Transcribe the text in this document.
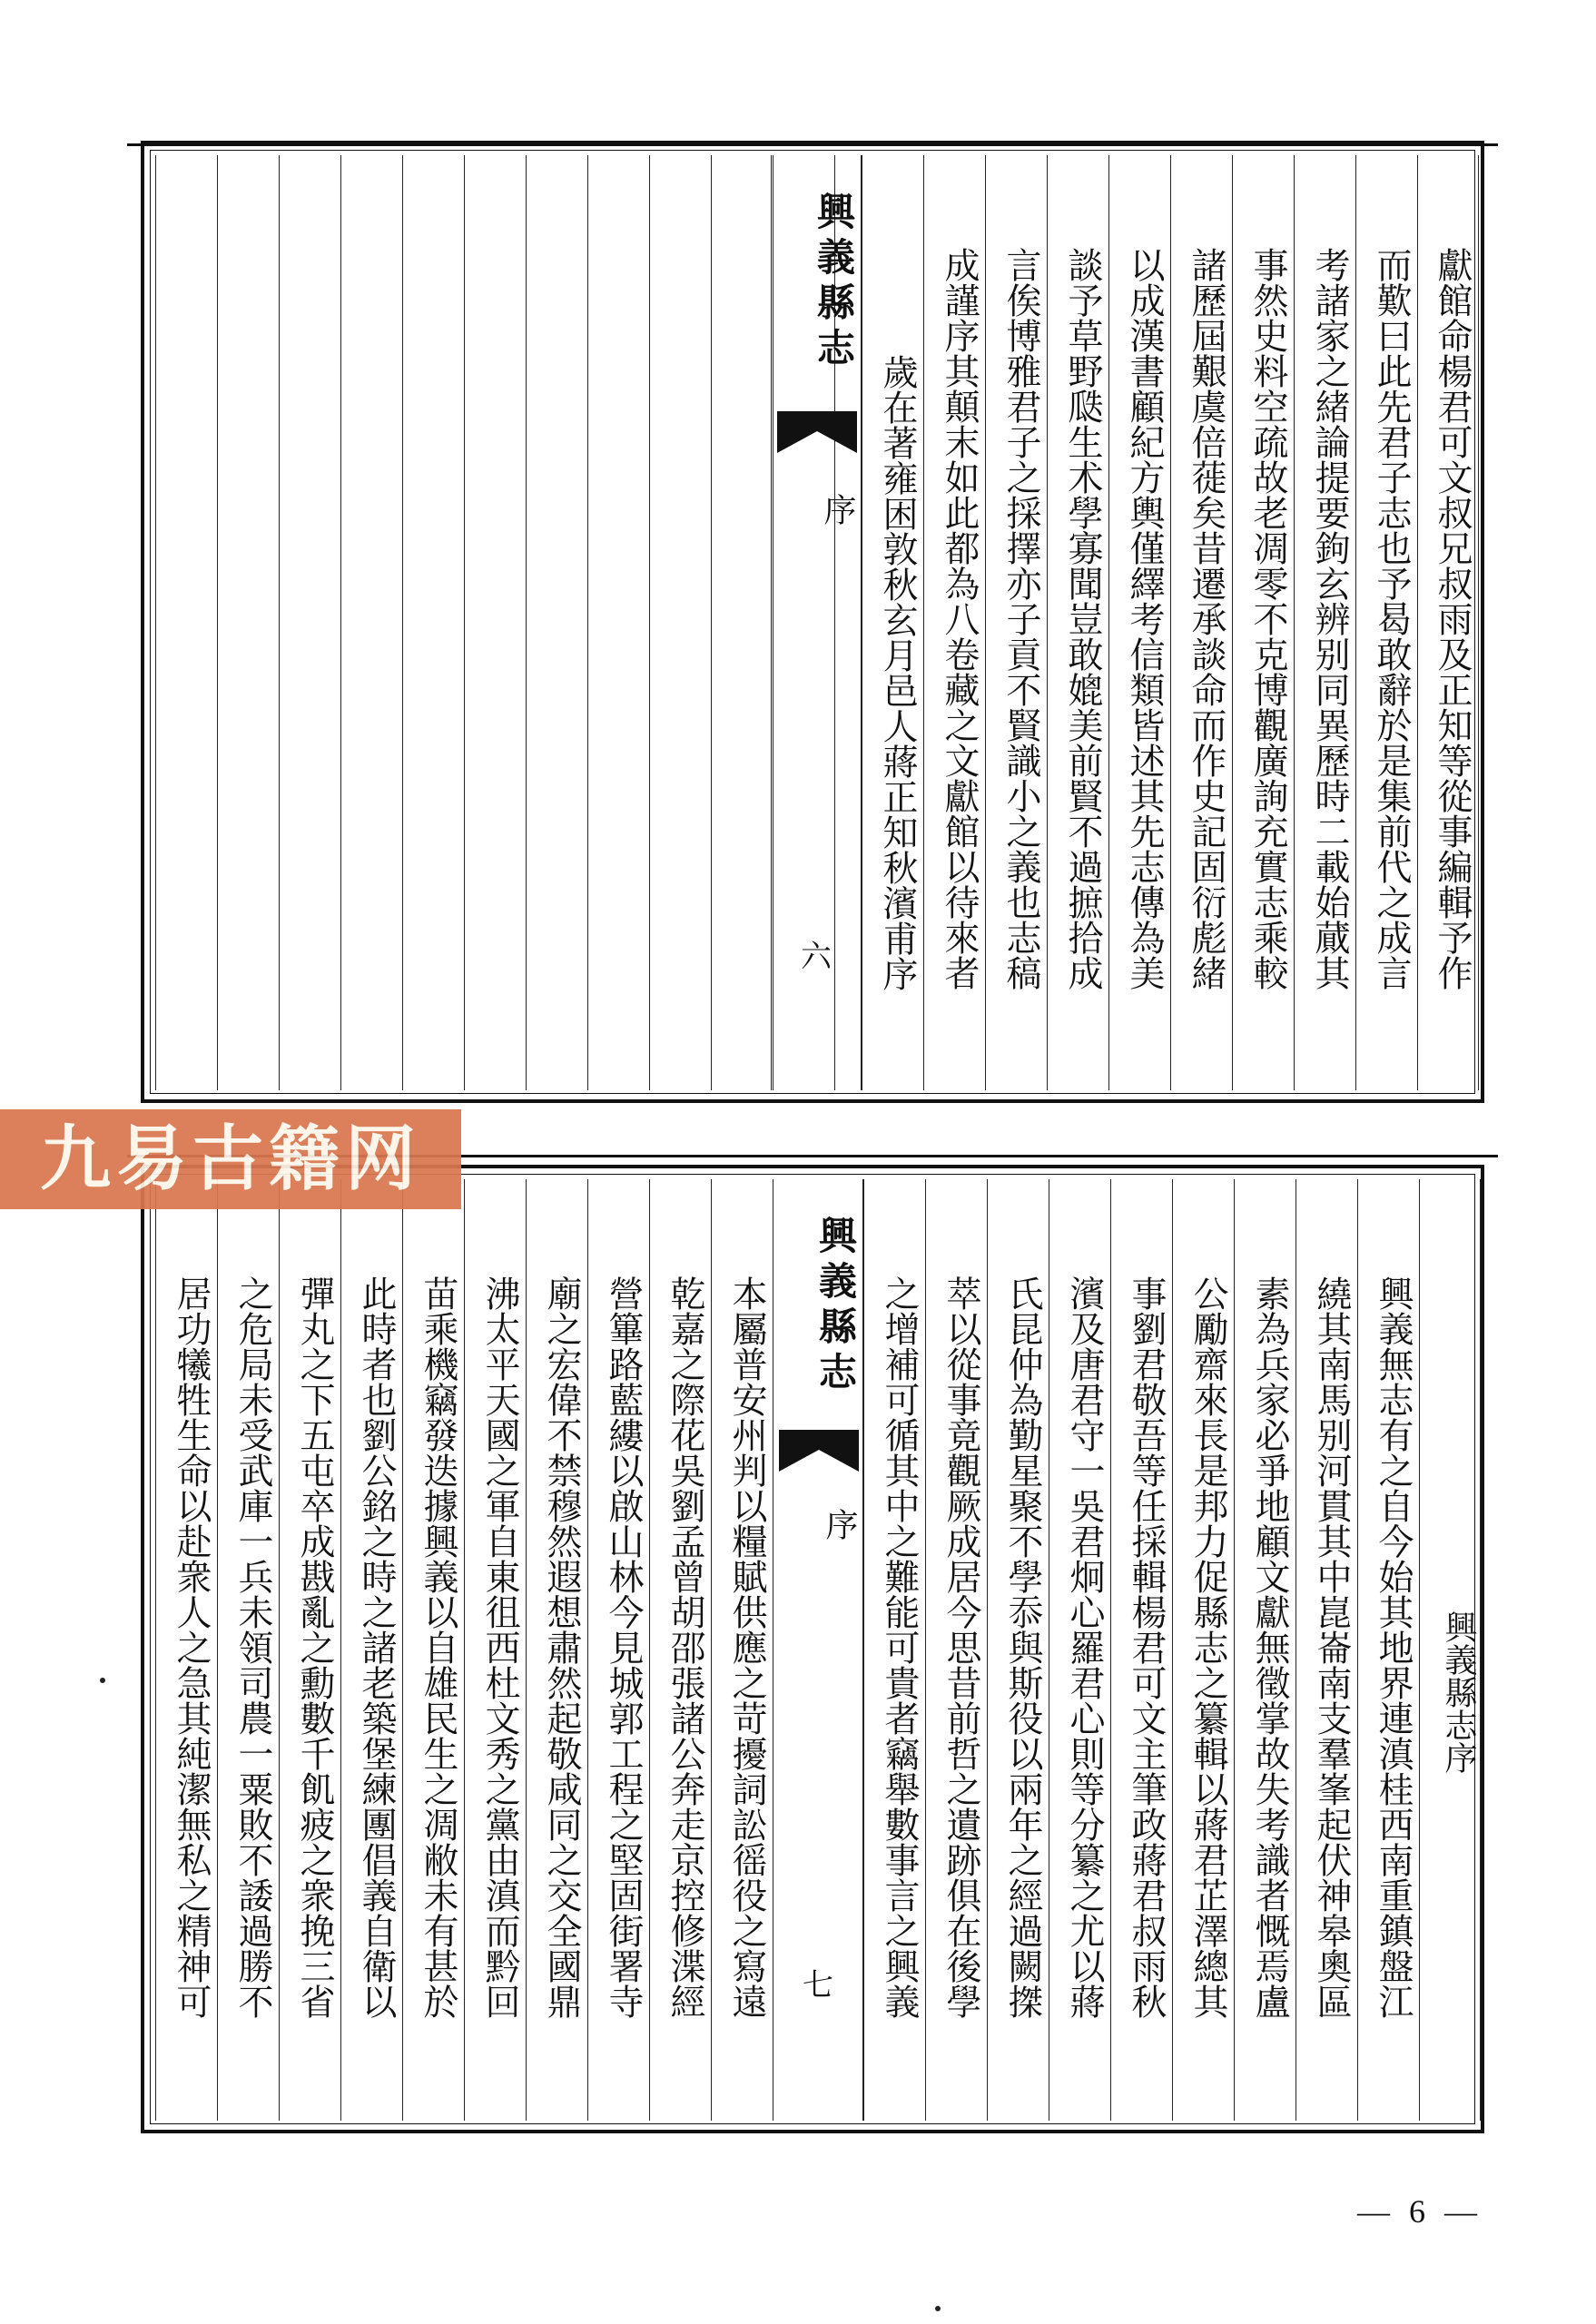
興義縣志
序
六	歲在著雍困敦秋玄月邑人蔣正知秋濱甫序 成謹序其顛末如此都為八卷藏之文獻館以待來者 言俟博雅君子之採擇亦子貢不賢識小之義也志稿 談予草野瓞生术學寡聞豈敢媲美前賢不過摭拾成 以成漢書顧紀方輿僅繹考信類皆述其先志傳為美 諸歷屆艱虞倍蓰矣昔遷承談命而作史記固衍彪緒 事然史料空疏故老凋零不克博觀廣詢充實志乘較 考諸家之緒論提要鉤玄辨别同異歷時二載始蕆其 而歎曰此先君子志也予曷敢辭於是集前代之成言 獻館命楊君可文叔兄叔雨及正知等從事編輯予作
居功犧牲生命以赴衆人之急其純潔無私之精神可 之危局未受武庫一兵未領司農一粟敗不諉過勝不 彈丸之下五屯卒成戡亂之勳數千飢疲之衆挽三省 此時者也劉公銘之時之諸老築堡練團倡義自衛以 苗乘機竊發迭據興義以自雄民生之凋敝未有甚於 沸太平天國之軍自東徂西杜文秀之黨由滇而黔回 廟之宏偉不禁穆然遐想肅然起敬咸同之交全國鼎 營篳路藍縷以啟山林今見城郭工程之堅固街署寺 乾嘉之際花吳劉孟曾胡邵張諸公奔走京控修渫經 本屬普安州判以糧賦供應之苛擾詞訟徭役之寫遠	興義縣志
序
七	之增補可循其中之難能可貴者竊舉數事言之興義 萃以從事竟觀厥成居今思昔前哲之遺跡俱在後學 氏昆仲為勤星聚不學忝與斯役以兩年之經過闕搩 濱及唐君守一吳君炯心羅君心則等分纂之尤以蔣 事劉君敬吾等任採輯楊君可文主筆政蔣君叔雨秋 公勵齋來長是邦力促縣志之纂輯以蔣君芷澤總其 素為兵家必爭地顧文獻無徵掌故失考識者慨焉盧 繞其南馬别河貫其中崑崙南支羣峯起伏神皋奧區 興義無志有之自今始其地界連滇桂西南重鎮盤江 興義縣志序
九易古籍网
— 6 —
